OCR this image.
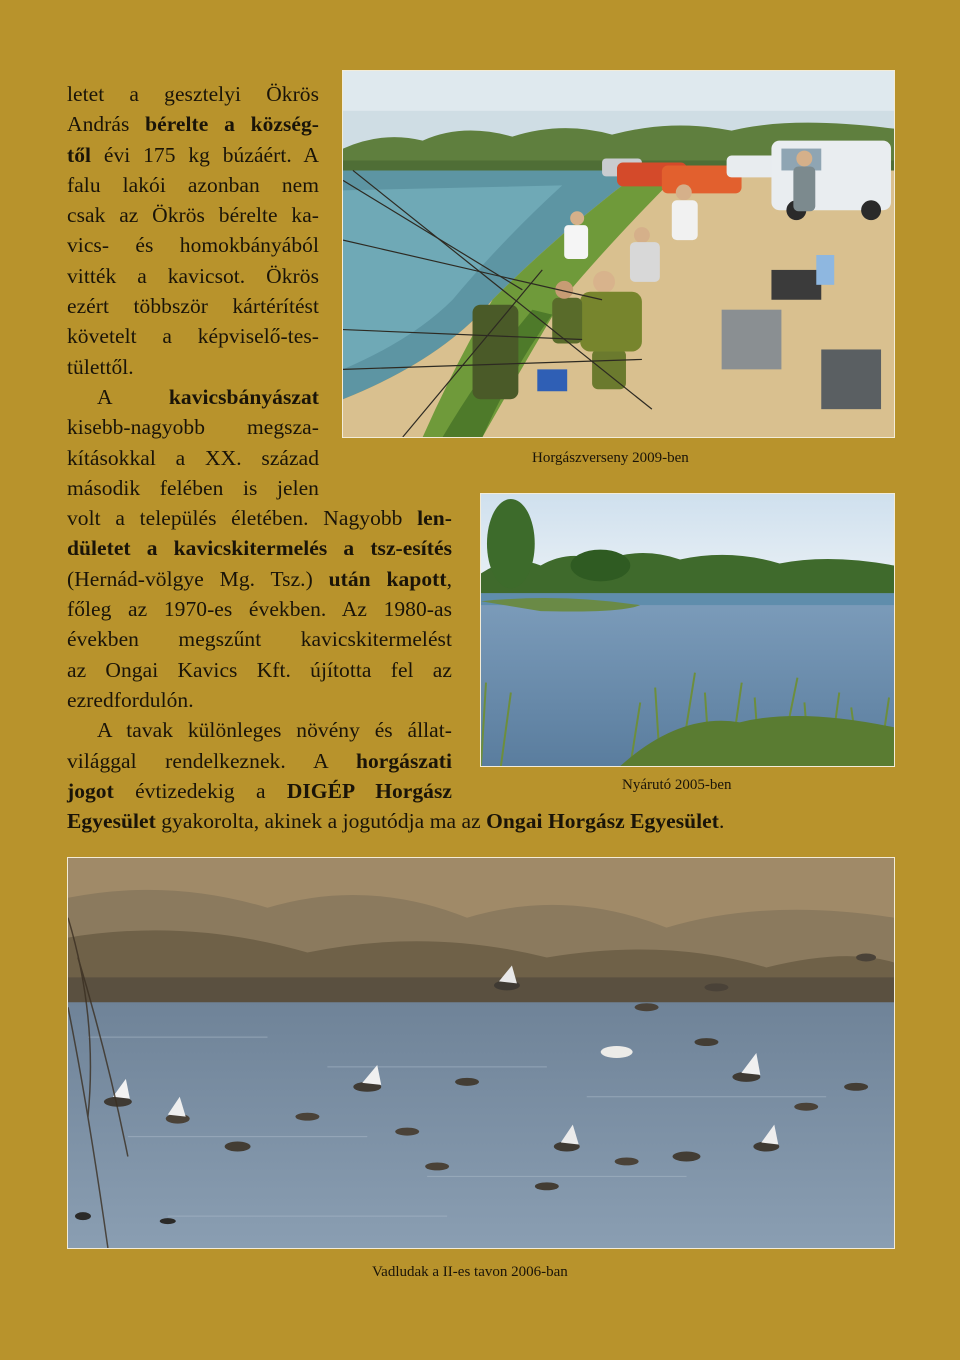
Horgászverseny 2009-ben
Nyárutó 2005-ben
Vadludak a II-es tavon 2006-ban
letet a gesztelyi Ökrös
András bérelte a község-
től évi 175 kg búzáért. A
falu lakói azonban nem
csak az Ökrös bérelte ka-
vics- és homokbányából
vitték a kavicsot. Ökrös
ezért többször kártérítést
követelt a képviselő-tes-
tülettől.
A kavicsbányászat
kisebb-nagyobb megsza-
kításokkal a XX. század
második felében is jelen
volt a település életében. Nagyobb len-
dületet a kavicskitermelés a tsz-esítés
(Hernád-völgye Mg. Tsz.) után kapott,
főleg az 1970-es években. Az 1980-as
években megszűnt kavicskitermelést
az Ongai Kavics Kft. újította fel az
ezredfordulón.
A tavak különleges növény és állat-
világgal rendelkeznek. A horgászati
jogot évtizedekig a DIGÉP Horgász
Egyesület gyakorolta, akinek a jogutódja ma az Ongai Horgász Egyesület.
